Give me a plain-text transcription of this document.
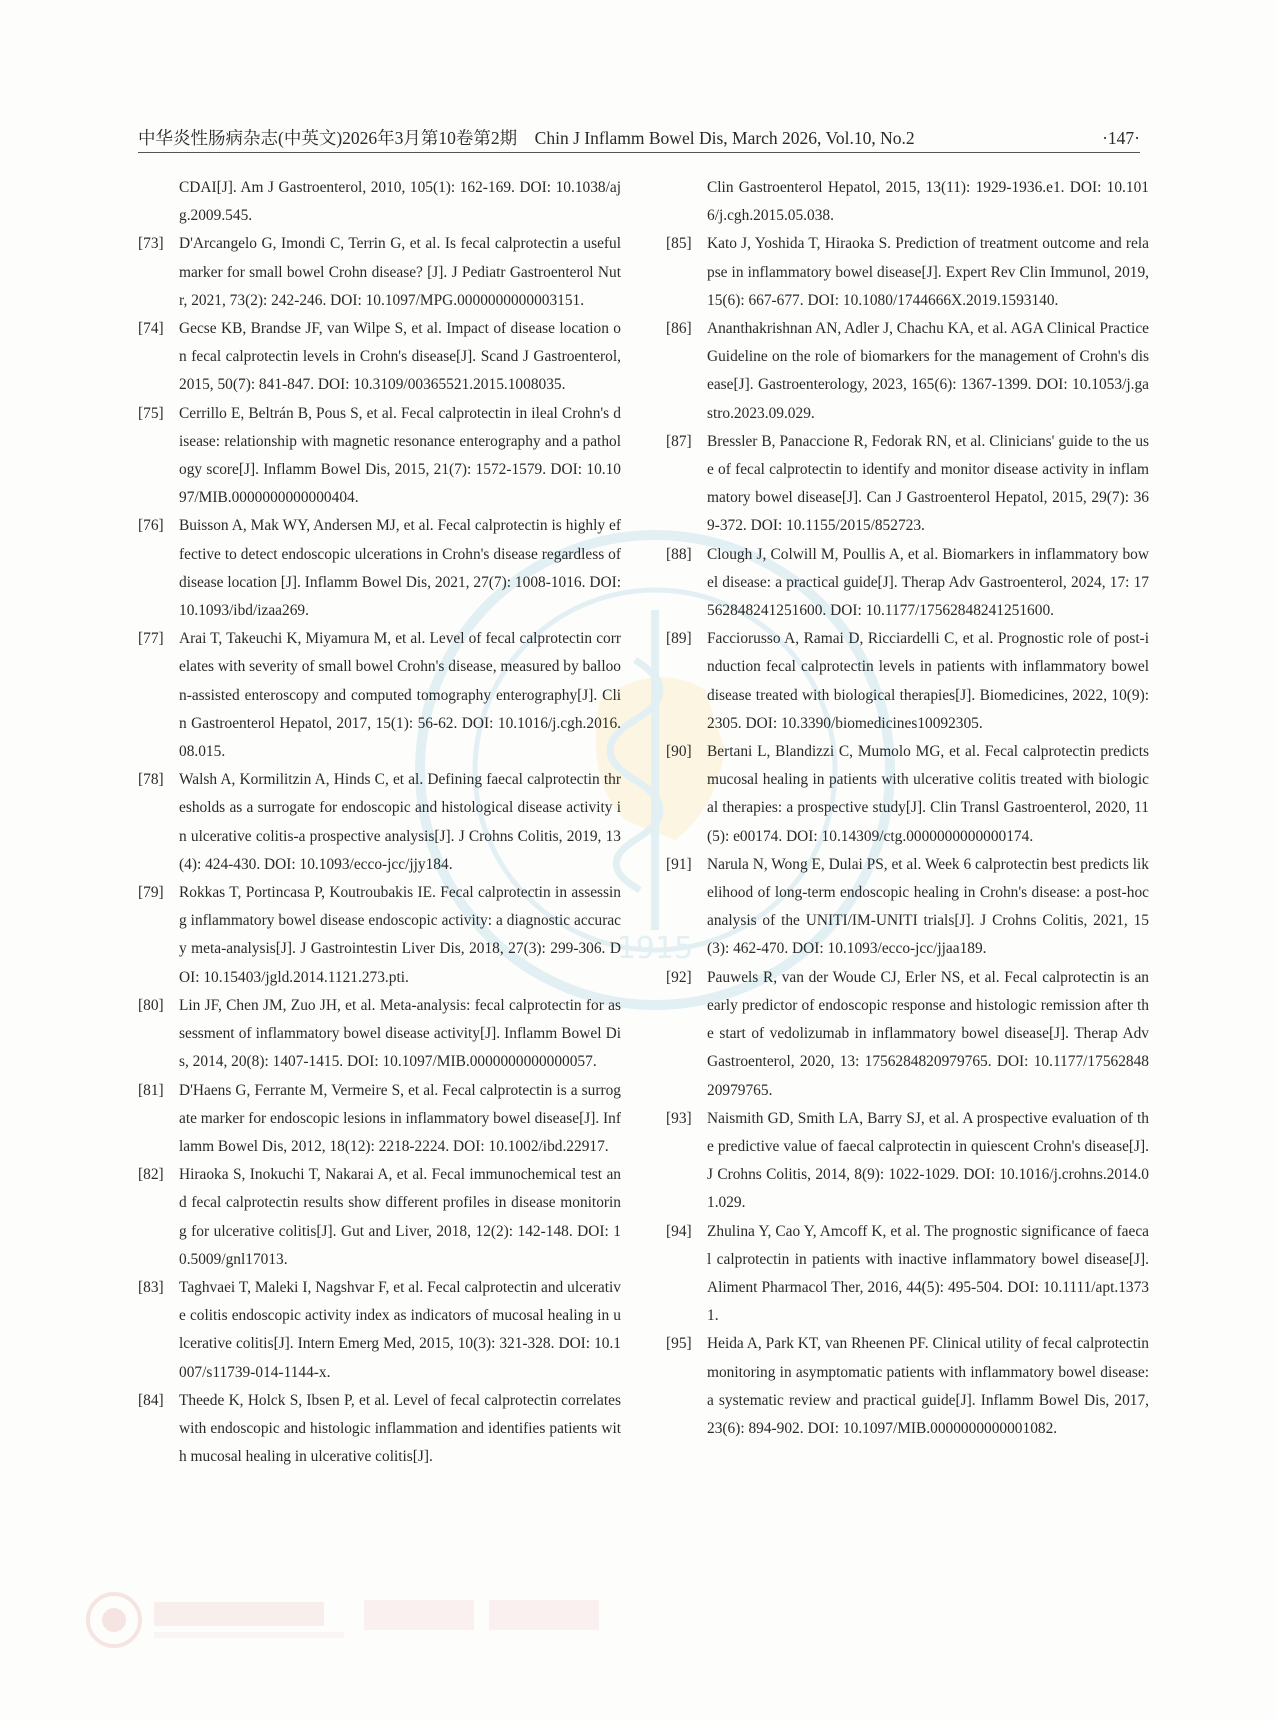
1915
中华炎性肠病杂志(中英文)2026年3月第10卷第2期　Chin J Inflamm Bowel Dis, March 2026, Vol.10, No.2	·147·
CDAI[J]. Am J Gastroenterol, 2010, 105(1): 162-169. DOI: 10.1038/ajg.2009.545.
[73] D'Arcangelo G, Imondi C, Terrin G, et al. Is fecal calprotectin a useful marker for small bowel Crohn disease? [J]. J Pediatr Gastroenterol Nutr, 2021, 73(2): 242-246. DOI: 10.1097/MPG.0000000000003151.
[74] Gecse KB, Brandse JF, van Wilpe S, et al. Impact of disease location on fecal calprotectin levels in Crohn's disease[J]. Scand J Gastroenterol, 2015, 50(7): 841-847. DOI: 10.3109/00365521.2015.1008035.
[75] Cerrillo E, Beltrán B, Pous S, et al. Fecal calprotectin in ileal Crohn's disease: relationship with magnetic resonance enterography and a pathology score[J]. Inflamm Bowel Dis, 2015, 21(7): 1572-1579. DOI: 10.1097/MIB.0000000000000404.
[76] Buisson A, Mak WY, Andersen MJ, et al. Fecal calprotectin is highly effective to detect endoscopic ulcerations in Crohn's disease regardless of disease location [J]. Inflamm Bowel Dis, 2021, 27(7): 1008-1016. DOI: 10.1093/ibd/izaa269.
[77] Arai T, Takeuchi K, Miyamura M, et al. Level of fecal calprotectin correlates with severity of small bowel Crohn's disease, measured by balloon-assisted enteroscopy and computed tomography enterography[J]. Clin Gastroenterol Hepatol, 2017, 15(1): 56-62. DOI: 10.1016/j.cgh.2016.08.015.
[78] Walsh A, Kormilitzin A, Hinds C, et al. Defining faecal calprotectin thresholds as a surrogate for endoscopic and histological disease activity in ulcerative colitis-a prospective analysis[J]. J Crohns Colitis, 2019, 13(4): 424-430. DOI: 10.1093/ecco-jcc/jjy184.
[79] Rokkas T, Portincasa P, Koutroubakis IE. Fecal calprotectin in assessing inflammatory bowel disease endoscopic activity: a diagnostic accuracy meta-analysis[J]. J Gastrointestin Liver Dis, 2018, 27(3): 299-306. DOI: 10.15403/jgld.2014.1121.273.pti.
[80] Lin JF, Chen JM, Zuo JH, et al. Meta-analysis: fecal calprotectin for assessment of inflammatory bowel disease activity[J]. Inflamm Bowel Dis, 2014, 20(8): 1407-1415. DOI: 10.1097/MIB.0000000000000057.
[81] D'Haens G, Ferrante M, Vermeire S, et al. Fecal calprotectin is a surrogate marker for endoscopic lesions in inflammatory bowel disease[J]. Inflamm Bowel Dis, 2012, 18(12): 2218-2224. DOI: 10.1002/ibd.22917.
[82] Hiraoka S, Inokuchi T, Nakarai A, et al. Fecal immunochemical test and fecal calprotectin results show different profiles in disease monitoring for ulcerative colitis[J]. Gut and Liver, 2018, 12(2): 142-148. DOI: 10.5009/gnl17013.
[83] Taghvaei T, Maleki I, Nagshvar F, et al. Fecal calprotectin and ulcerative colitis endoscopic activity index as indicators of mucosal healing in ulcerative colitis[J]. Intern Emerg Med, 2015, 10(3): 321-328. DOI: 10.1007/s11739-014-1144-x.
[84] Theede K, Holck S, Ibsen P, et al. Level of fecal calprotectin correlates with endoscopic and histologic inflammation and identifies patients with mucosal healing in ulcerative colitis[J].
Clin Gastroenterol Hepatol, 2015, 13(11): 1929-1936.e1. DOI: 10.1016/j.cgh.2015.05.038.
[85] Kato J, Yoshida T, Hiraoka S. Prediction of treatment outcome and relapse in inflammatory bowel disease[J]. Expert Rev Clin Immunol, 2019, 15(6): 667-677. DOI: 10.1080/1744666X.2019.1593140.
[86] Ananthakrishnan AN, Adler J, Chachu KA, et al. AGA Clinical Practice Guideline on the role of biomarkers for the management of Crohn's disease[J]. Gastroenterology, 2023, 165(6): 1367-1399. DOI: 10.1053/j.gastro.2023.09.029.
[87] Bressler B, Panaccione R, Fedorak RN, et al. Clinicians' guide to the use of fecal calprotectin to identify and monitor disease activity in inflammatory bowel disease[J]. Can J Gastroenterol Hepatol, 2015, 29(7): 369-372. DOI: 10.1155/2015/852723.
[88] Clough J, Colwill M, Poullis A, et al. Biomarkers in inflammatory bowel disease: a practical guide[J]. Therap Adv Gastroenterol, 2024, 17: 17562848241251600. DOI: 10.1177/17562848241251600.
[89] Facciorusso A, Ramai D, Ricciardelli C, et al. Prognostic role of post-induction fecal calprotectin levels in patients with inflammatory bowel disease treated with biological therapies[J]. Biomedicines, 2022, 10(9): 2305. DOI: 10.3390/biomedicines10092305.
[90] Bertani L, Blandizzi C, Mumolo MG, et al. Fecal calprotectin predicts mucosal healing in patients with ulcerative colitis treated with biological therapies: a prospective study[J]. Clin Transl Gastroenterol, 2020, 11(5): e00174. DOI: 10.14309/ctg.0000000000000174.
[91] Narula N, Wong E, Dulai PS, et al. Week 6 calprotectin best predicts likelihood of long-term endoscopic healing in Crohn's disease: a post-hoc analysis of the UNITI/IM-UNITI trials[J]. J Crohns Colitis, 2021, 15(3): 462-470. DOI: 10.1093/ecco-jcc/jjaa189.
[92] Pauwels R, van der Woude CJ, Erler NS, et al. Fecal calprotectin is an early predictor of endoscopic response and histologic remission after the start of vedolizumab in inflammatory bowel disease[J]. Therap Adv Gastroenterol, 2020, 13: 1756284820979765. DOI: 10.1177/1756284820979765.
[93] Naismith GD, Smith LA, Barry SJ, et al. A prospective evaluation of the predictive value of faecal calprotectin in quiescent Crohn's disease[J]. J Crohns Colitis, 2014, 8(9): 1022-1029. DOI: 10.1016/j.crohns.2014.01.029.
[94] Zhulina Y, Cao Y, Amcoff K, et al. The prognostic significance of faecal calprotectin in patients with inactive inflammatory bowel disease[J]. Aliment Pharmacol Ther, 2016, 44(5): 495-504. DOI: 10.1111/apt.13731.
[95] Heida A, Park KT, van Rheenen PF. Clinical utility of fecal calprotectin monitoring in asymptomatic patients with inflammatory bowel disease: a systematic review and practical guide[J]. Inflamm Bowel Dis, 2017, 23(6): 894-902. DOI: 10.1097/MIB.0000000000001082.
